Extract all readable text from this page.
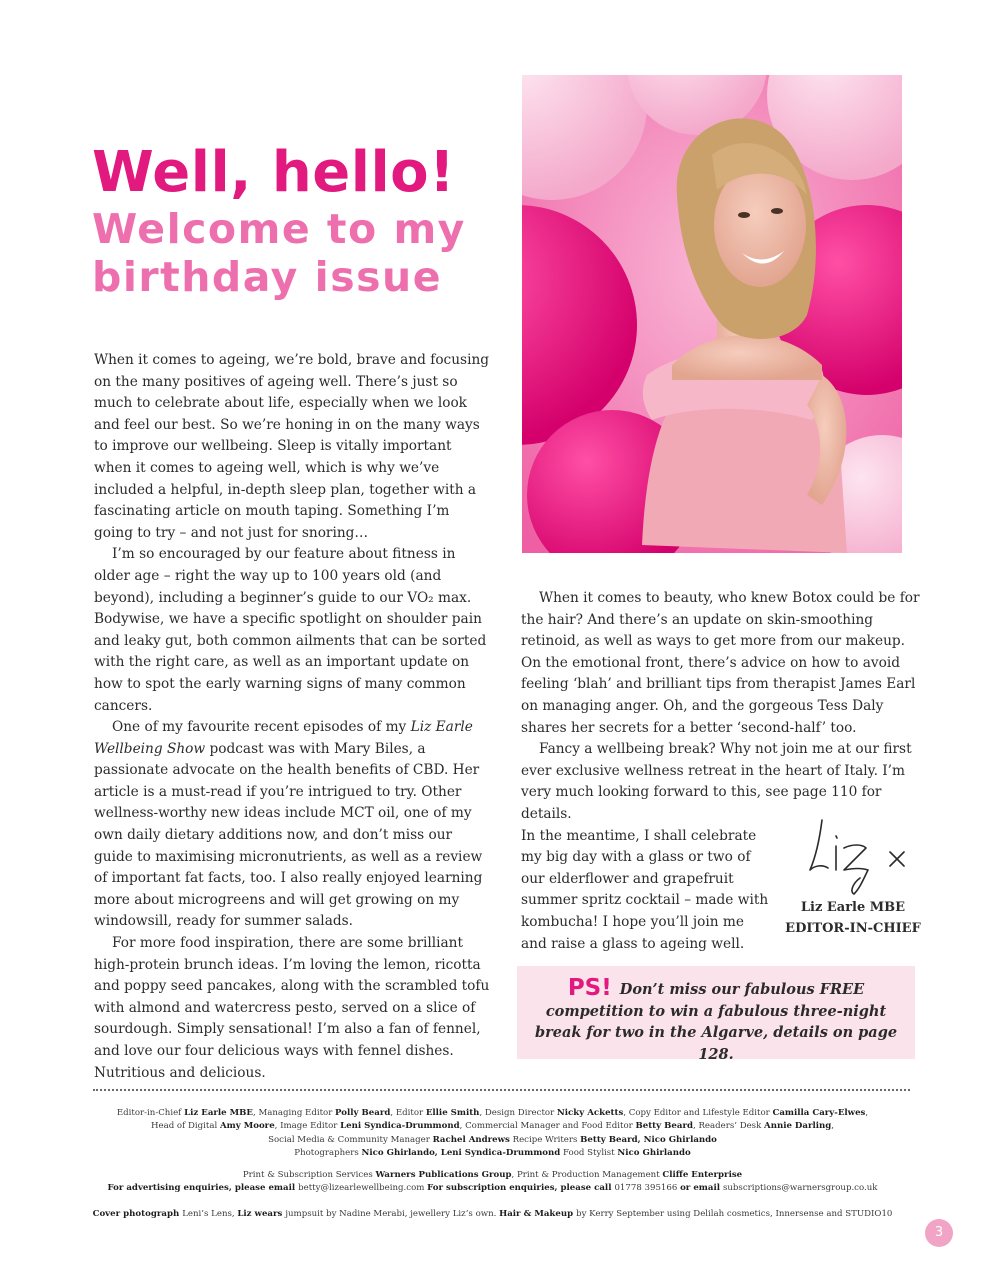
Well, hello!
Welcome to my birthday issue

When it comes to ageing, we’re bold, brave and focusing on the many positives of ageing well. There’s just so much to celebrate about life, especially when we look and feel our best. So we’re honing in on the many ways to improve our wellbeing. Sleep is vitally important when it comes to ageing well, which is why we’ve included a helpful, in-depth sleep plan, together with a fascinating article on mouth taping. Something I’m going to try – and not just for snoring…

I’m so encouraged by our feature about fitness in older age – right the way up to 100 years old (and beyond), including a beginner’s guide to our VO₂ max. Bodywise, we have a specific spotlight on shoulder pain and leaky gut, both common ailments that can be sorted with the right care, as well as an important update on how to spot the early warning signs of many common cancers.

One of my favourite recent episodes of my Liz Earle Wellbeing Show podcast was with Mary Biles, a passionate advocate on the health benefits of CBD. Her article is a must-read if you’re intrigued to try. Other wellness-worthy new ideas include MCT oil, one of my own daily dietary additions now, and don’t miss our guide to maximising micronutrients, as well as a review of important fat facts, too. I also really enjoyed learning more about microgreens and will get growing on my windowsill, ready for summer salads.

For more food inspiration, there are some brilliant high-protein brunch ideas. I’m loving the lemon, ricotta and poppy seed pancakes, along with the scrambled tofu with almond and watercress pesto, served on a slice of sourdough. Simply sensational! I’m also a fan of fennel, and love our four delicious ways with fennel dishes. Nutritious and delicious.

When it comes to beauty, who knew Botox could be for the hair? And there’s an update on skin-smoothing retinoid, as well as ways to get more from our makeup. On the emotional front, there’s advice on how to avoid feeling ‘blah’ and brilliant tips from therapist James Earl on managing anger. Oh, and the gorgeous Tess Daly shares her secrets for a better ‘second-half’ too.

Fancy a wellbeing break? Why not join me at our first ever exclusive wellness retreat in the heart of Italy. I’m very much looking forward to this, see page 110 for details.

In the meantime, I shall celebrate
my big day with a glass or two of
our elderflower and grapefruit
summer spritz cocktail – made with
kombucha! I hope you’ll join me
and raise a glass to ageing well.
Liz Earle MBE
EDITOR-IN-CHIEF
PS! Don’t miss our fabulous FREE competition to win a fabulous three-night break for two in the Algarve, details on page 128.
Editor-in-Chief Liz Earle MBE, Managing Editor Polly Beard, Editor Ellie Smith, Design Director Nicky Acketts, Copy Editor and Lifestyle Editor Camilla Cary-Elwes,
Head of Digital Amy Moore, Image Editor Leni Syndica-Drummond, Commercial Manager and Food Editor Betty Beard, Readers’ Desk Annie Darling,
Social Media & Community Manager Rachel Andrews Recipe Writers Betty Beard, Nico Ghirlando
Photographers Nico Ghirlando, Leni Syndica-Drummond Food Stylist Nico Ghirlando
Print & Subscription Services Warners Publications Group, Print & Production Management Cliffe Enterprise
For advertising enquiries, please email betty@lizearlewellbeing.com For subscription enquiries, please call 01778 395166 or email subscriptions@warnersgroup.co.uk
Cover photograph Leni’s Lens, Liz wears jumpsuit by Nadine Merabi, jewellery Liz’s own. Hair & Makeup by Kerry September using Delilah cosmetics, Innersense and STUDIO10
3
